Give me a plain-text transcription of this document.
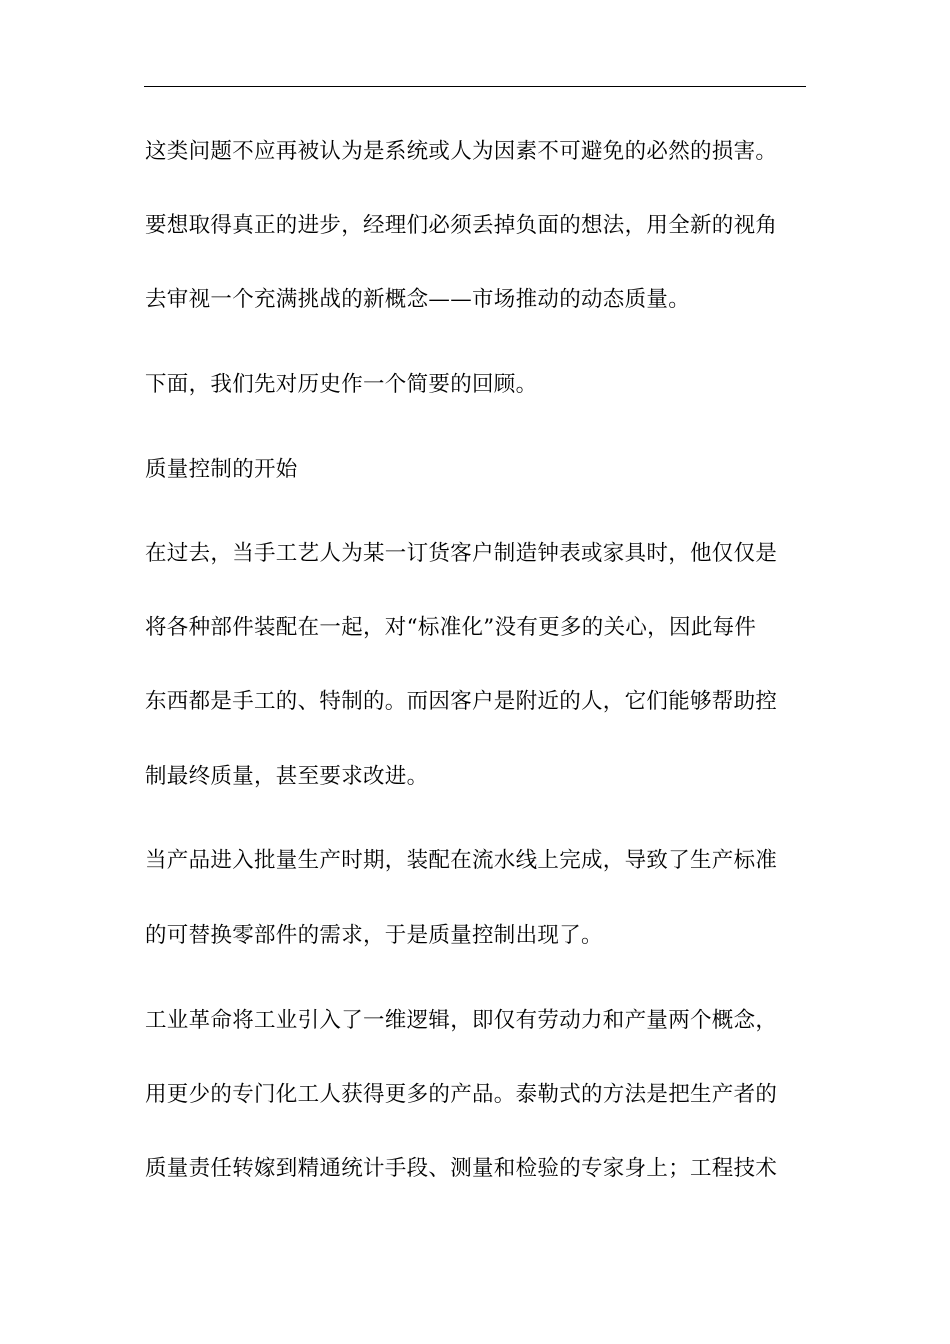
这类问题不应再被认为是系统或人为因素不可避免的必然的损害。
要想取得真正的进步，经理们必须丢掉负面的想法，用全新的视角
去审视一个充满挑战的新概念——市场推动的动态质量。
下面，我们先对历史作一个简要的回顾。
质量控制的开始
在过去，当手工艺人为某一订货客户制造钟表或家具时，他仅仅是
将各种部件装配在一起，对“标准化”没有更多的关心，因此每件
东西都是手工的、特制的。而因客户是附近的人，它们能够帮助控
制最终质量，甚至要求改进。
当产品进入批量生产时期，装配在流水线上完成，导致了生产标准
的可替换零部件的需求，于是质量控制出现了。
工业革命将工业引入了一维逻辑，即仅有劳动力和产量两个概念，
用更少的专门化工人获得更多的产品。泰勒式的方法是把生产者的
质量责任转嫁到精通统计手段、测量和检验的专家身上；工程技术
